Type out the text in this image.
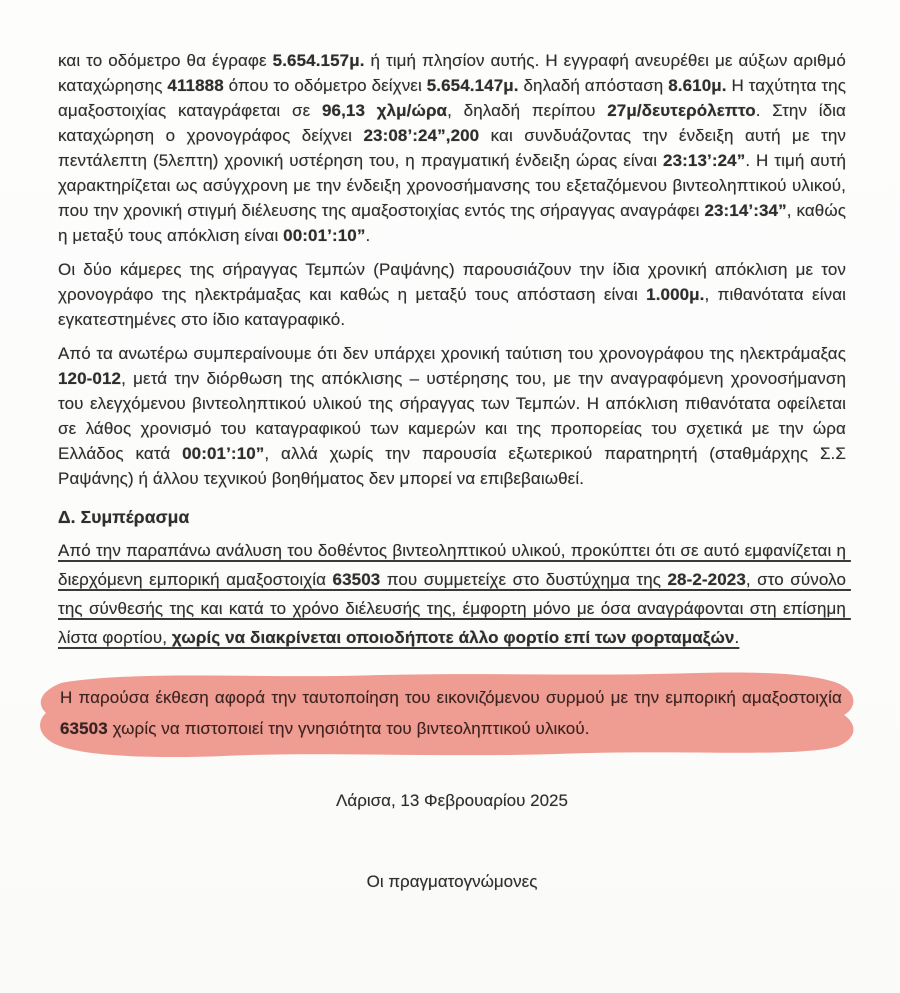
και το οδόμετρο θα έγραφε 5.654.157μ. ή τιμή πλησίον αυτής. Η εγγραφή ανευρέθει με αύξων αριθμό καταχώρησης 411888 όπου το οδόμετρο δείχνει 5.654.147μ. δηλαδή απόσταση 8.610μ. Η ταχύτητα της αμαξοστοιχίας καταγράφεται σε 96,13 χλμ/ώρα, δηλαδή περίπου 27μ/δευτερόλεπτο. Στην ίδια καταχώρηση ο χρονογράφος δείχνει 23:08’:24”,200 και συνδυάζοντας την ένδειξη αυτή με την πεντάλεπτη (5λεπτη) χρονική υστέρηση του, η πραγματική ένδειξη ώρας είναι 23:13’:24”. Η τιμή αυτή χαρακτηρίζεται ως ασύγχρονη με την ένδειξη χρονοσήμανσης του εξεταζόμενου βιντεοληπτικού υλικού, που την χρονική στιγμή διέλευσης της αμαξοστοιχίας εντός της σήραγγας αναγράφει 23:14’:34”, καθώς η μεταξύ τους απόκλιση είναι 00:01’:10”.

Οι δύο κάμερες της σήραγγας Τεμπών (Ραψάνης) παρουσιάζουν την ίδια χρονική απόκλιση με τον χρονογράφο της ηλεκτράμαξας και καθώς η μεταξύ τους απόσταση είναι 1.000μ., πιθανότατα είναι εγκατεστημένες στο ίδιο καταγραφικό.

Από τα ανωτέρω συμπεραίνουμε ότι δεν υπάρχει χρονική ταύτιση του χρονογράφου της ηλεκτράμαξας 120-012, μετά την διόρθωση της απόκλισης – υστέρησης του, με την αναγραφόμενη χρονοσήμανση του ελεγχόμενου βιντεοληπτικού υλικού της σήραγγας των Τεμπών. Η απόκλιση πιθανότατα οφείλεται σε λάθος χρονισμό του καταγραφικού των καμερών και της προπορείας του σχετικά με την ώρα Ελλάδος κατά 00:01’:10”, αλλά χωρίς την παρουσία εξωτερικού παρατηρητή (σταθμάρχης Σ.Σ Ραψάνης) ή άλλου τεχνικού βοηθήματος δεν μπορεί να επιβεβαιωθεί.

Δ. Συμπέρασμα

Από την παραπάνω ανάλυση του δοθέντος βιντεοληπτικού υλικού, προκύπτει ότι σε αυτό εμφανίζεται η διερχόμενη εμπορική αμαξοστοιχία 63503 που συμμετείχε στο δυστύχημα της 28-2-2023, στο σύνολο της σύνθεσής της και κατά το χρόνο διέλευσής της, έμφορτη μόνο με όσα αναγράφονται στη επίσημη λίστα φορτίου, χωρίς να διακρίνεται οποιοδήποτε άλλο φορτίο επί των φορταμαξών.

Η παρούσα έκθεση αφορά την ταυτοποίηση του εικονιζόμενου συρμού με την εμπορική αμαξοστοιχία 63503 χωρίς να πιστοποιεί την γνησιότητα του βιντεοληπτικού υλικού.

Λάρισα, 13 Φεβρουαρίου 2025

Οι πραγματογνώμονες
